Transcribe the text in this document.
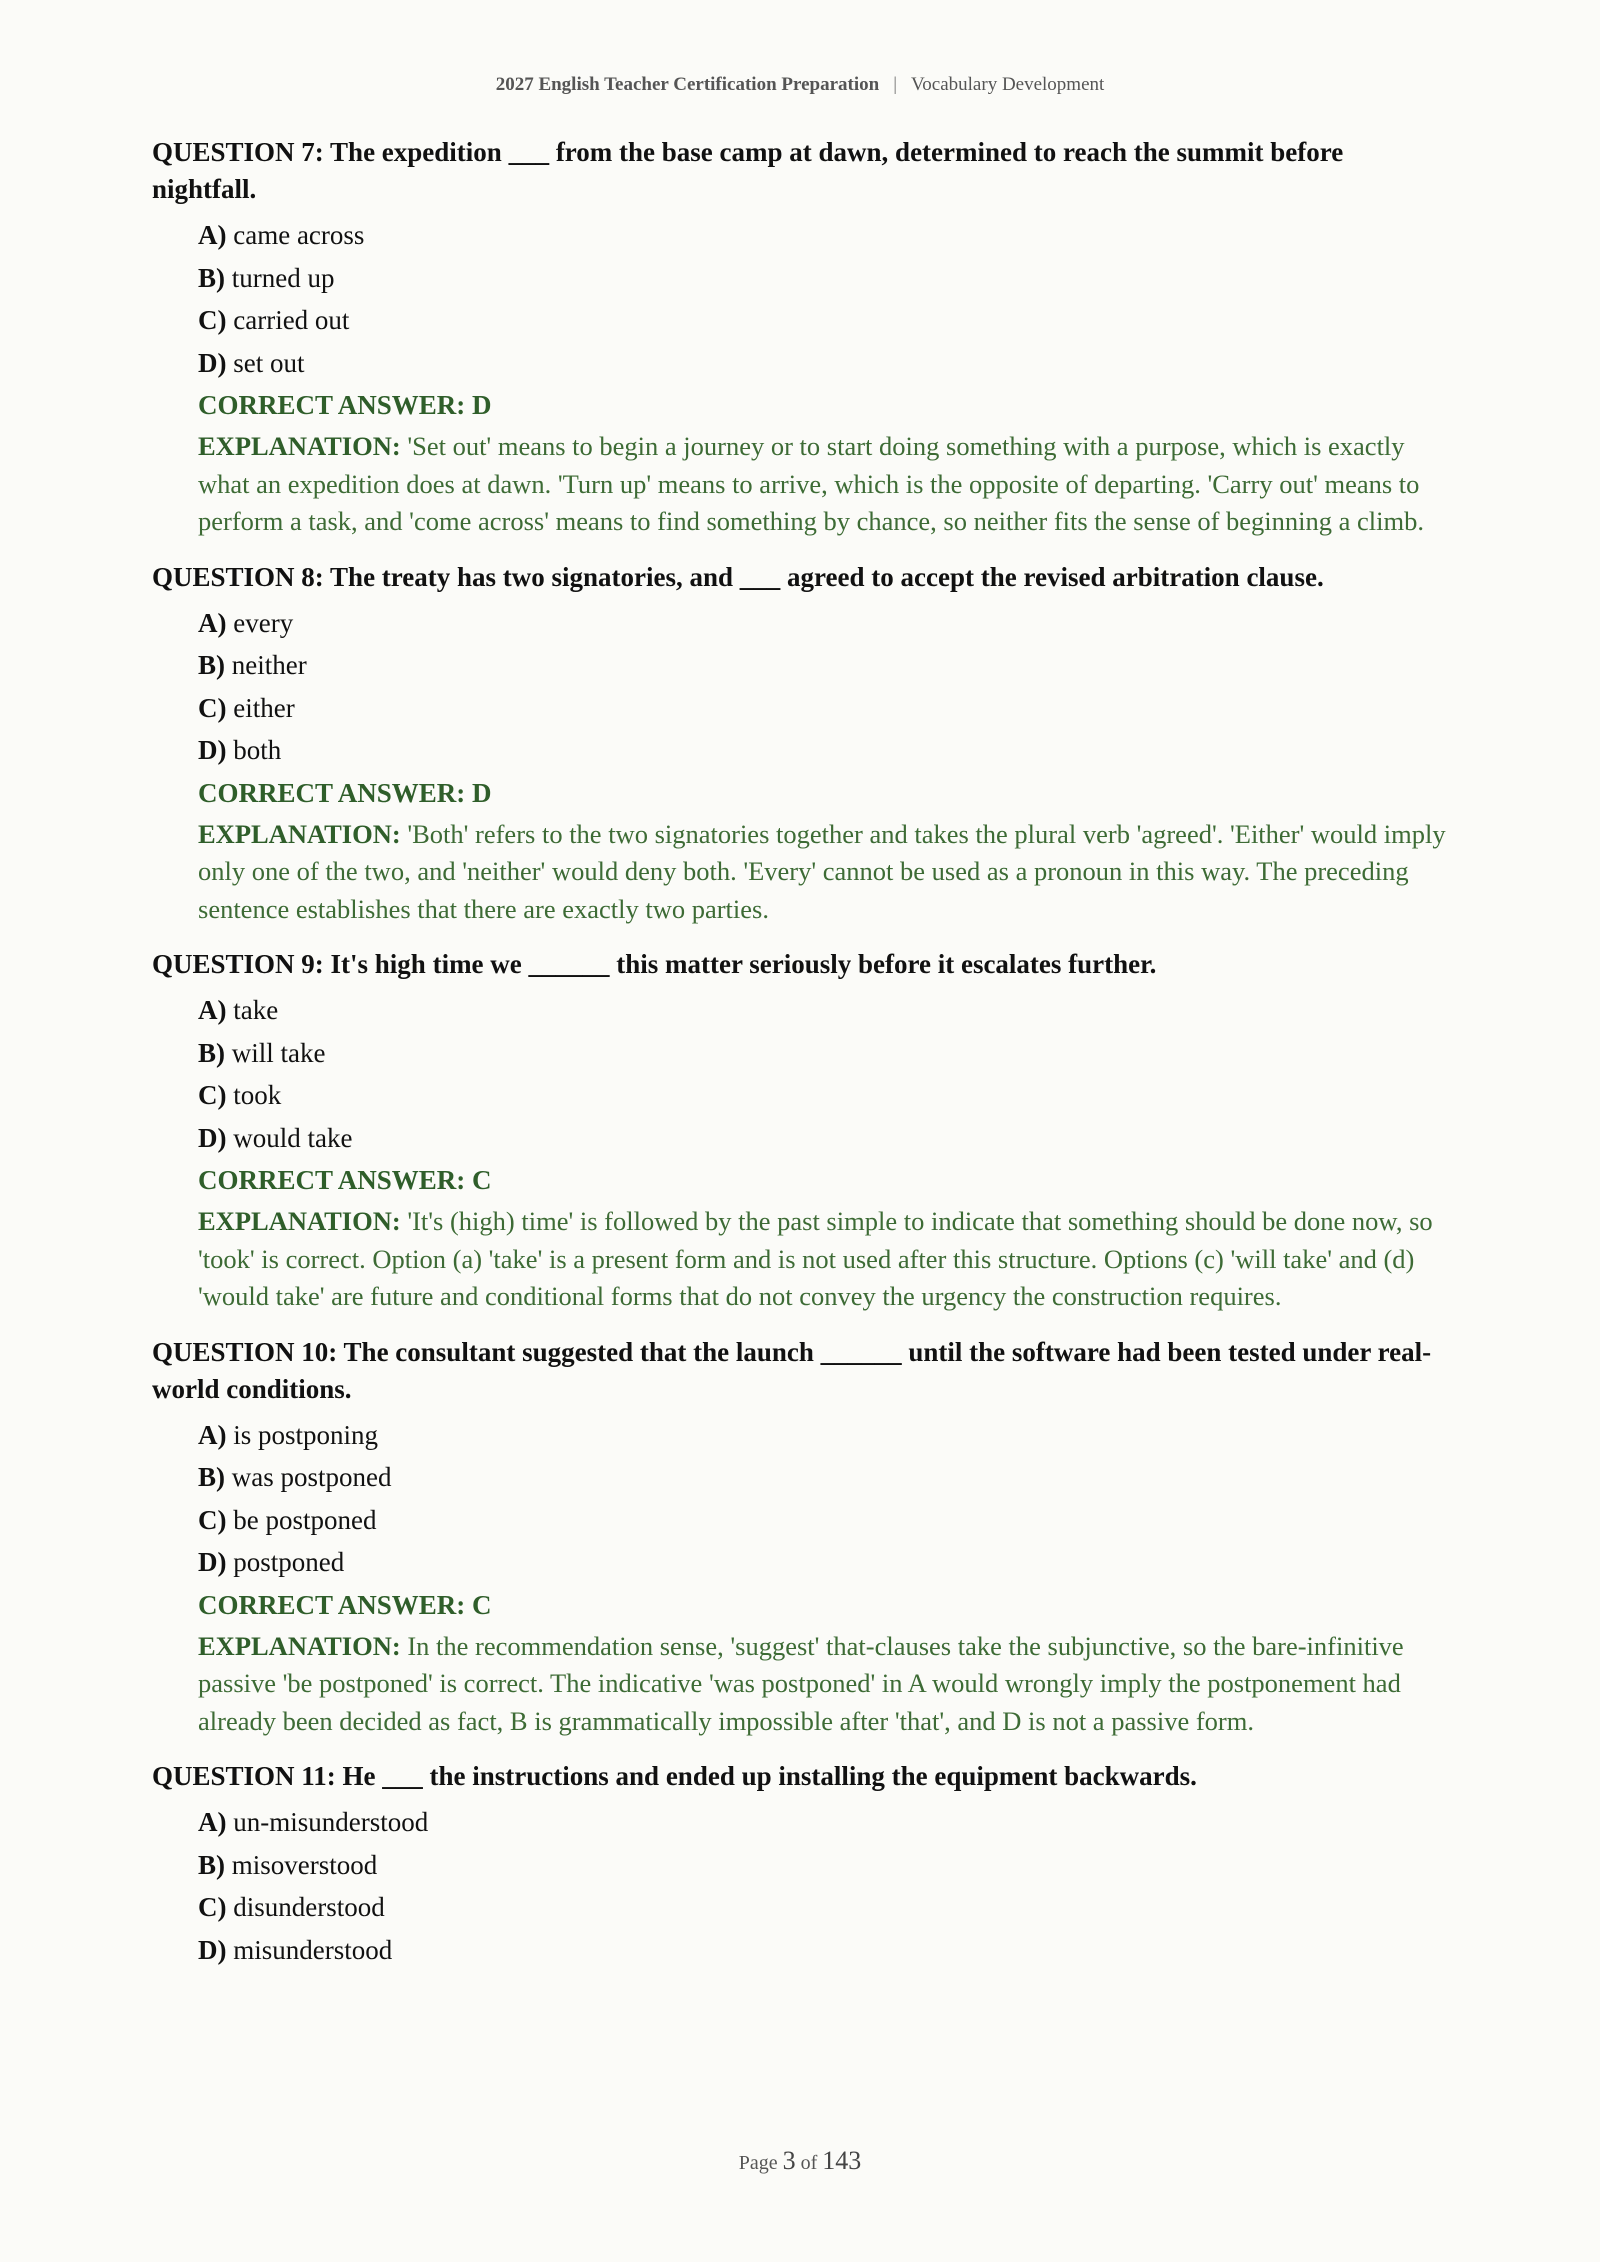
2027 English Teacher Certification Preparation | Vocabulary Development

QUESTION 7: The expedition ___ from the base camp at dawn, determined to reach the summit before nightfall.

A) came across
B) turned up
C) carried out
D) set out
CORRECT ANSWER: D
EXPLANATION: 'Set out' means to begin a journey or to start doing something with a purpose, which is exactly what an expedition does at dawn. 'Turn up' means to arrive, which is the opposite of departing. 'Carry out' means to perform a task, and 'come across' means to find something by chance, so neither fits the sense of beginning a climb.

QUESTION 8: The treaty has two signatories, and ___ agreed to accept the revised arbitration clause.

A) every
B) neither
C) either
D) both
CORRECT ANSWER: D
EXPLANATION: 'Both' refers to the two signatories together and takes the plural verb 'agreed'. 'Either' would imply only one of the two, and 'neither' would deny both. 'Every' cannot be used as a pronoun in this way. The preceding sentence establishes that there are exactly two parties.

QUESTION 9: It's high time we ______ this matter seriously before it escalates further.

A) take
B) will take
C) took
D) would take
CORRECT ANSWER: C
EXPLANATION: 'It's (high) time' is followed by the past simple to indicate that something should be done now, so 'took' is correct. Option (a) 'take' is a present form and is not used after this structure. Options (c) 'will take' and (d) 'would take' are future and conditional forms that do not convey the urgency the construction requires.

QUESTION 10: The consultant suggested that the launch ______ until the software had been tested under real-world conditions.

A) is postponing
B) was postponed
C) be postponed
D) postponed
CORRECT ANSWER: C
EXPLANATION: In the recommendation sense, 'suggest' that-clauses take the subjunctive, so the bare-infinitive passive 'be postponed' is correct. The indicative 'was postponed' in A would wrongly imply the postponement had already been decided as fact, B is grammatically impossible after 'that', and D is not a passive form.

QUESTION 11: He ___ the instructions and ended up installing the equipment backwards.

A) un-misunderstood
B) misoverstood
C) disunderstood
D) misunderstood
Page 3 of 143
